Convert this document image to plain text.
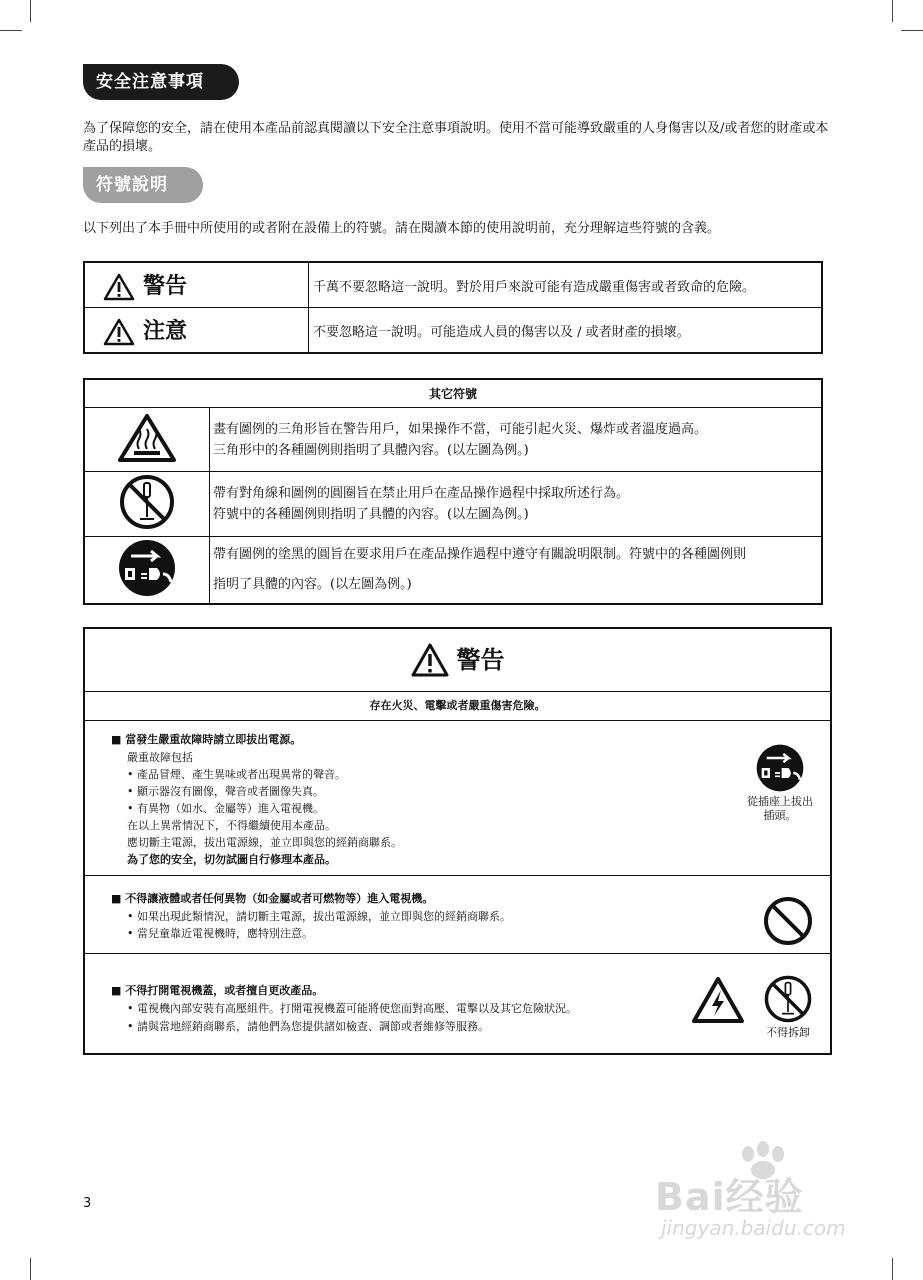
安全注意事項
為了保障您的安全，請在使用本產品前認真閱讀以下安全注意事項說明。使用不當可能導致嚴重的人身傷害以及/或者您的財產或本產品的損壞。
符號說明
以下列出了本手冊中所使用的或者附在設備上的符號。請在閱讀本節的使用說明前，充分理解這些符號的含義。
警告	千萬不要忽略這一說明。對於用戶來說可能有造成嚴重傷害或者致命的危險。
注意	不要忽略這一說明。可能造成人員的傷害以及 / 或者財產的損壞。
其它符號	

畫有圖例的三角形旨在警告用戶，如果操作不當，可能引起火災、爆炸或者溫度過高。
三角形中的各種圖例則指明了具體內容。(以左圖為例。)

帶有對角線和圖例的圓圈旨在禁止用戶在產品操作過程中採取所述行為。
符號中的各種圖例則指明了具體的內容。(以左圖為例。)

帶有圖例的塗黑的圓旨在要求用戶在產品操作過程中遵守有關說明限制。符號中的各種圖例則
指明了具體的內容。(以左圖為例。)
警告
存在火災、電擊或者嚴重傷害危險。
■ 當發生嚴重故障時請立即拔出電源。
嚴重故障包括
• 產品冒煙、產生異味或者出現異常的聲音。
• 顯示器沒有圖像，聲音或者圖像失真。
• 有異物（如水、金屬等）進入電視機。
在以上異常情況下，不得繼續使用本產品。
應切斷主電源，拔出電源線，並立即與您的經銷商聯系。
為了您的安全，切勿試圖自行修理本產品。
從插座上拔出
插頭。
■ 不得讓液體或者任何異物（如金屬或者可燃物等）進入電視機。
• 如果出現此類情況，請切斷主電源，拔出電源線，並立即與您的經銷商聯系。
• 當兒童靠近電視機時，應特別注意。
■ 不得打開電視機蓋，或者擅自更改產品。
• 電視機內部安裝有高壓組件。打開電視機蓋可能將使您面對高壓、電擊以及其它危險狀況。
• 請與當地經銷商聯系，請他們為您提供諸如檢查、調節或者維修等服務。	不得拆卸
3	Bai经验
jingyan.baidu.com
